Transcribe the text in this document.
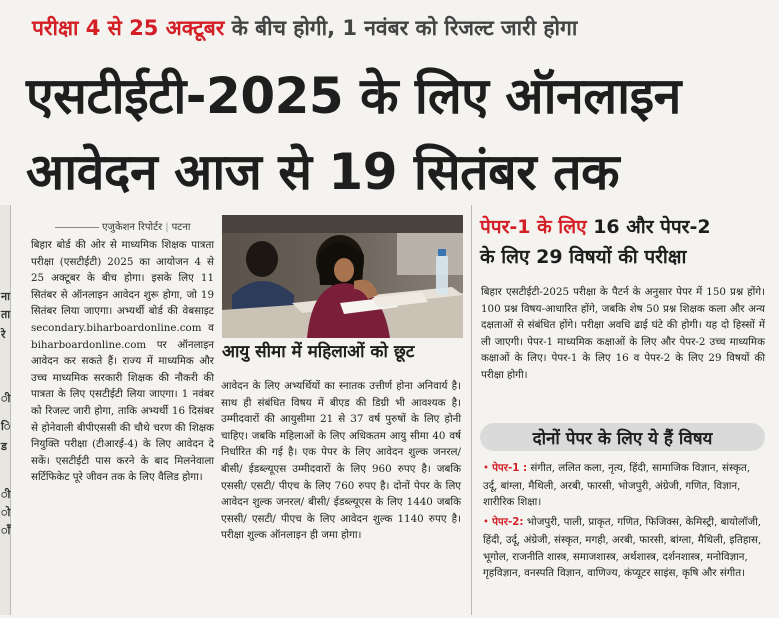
परीक्षा 4 से 25 अक्टूबर के बीच होगी, 1 नवंबर को रिजल्ट जारी होगा
एसटीईटी-2025 के लिए ऑनलाइन
आवेदन आज से 19 सितंबर तक
ना
ता
रे
ी
ि
ड
ी
ो
ाँ
एजुकेशन रिपोर्टर | पटना
बिहार बोर्ड की ओर से माध्यमिक शिक्षक पात्रता परीक्षा (एसटीईटी) 2025 का आयोजन 4 से 25 अक्टूबर के बीच होगा। इसके लिए 11 सितंबर से ऑनलाइन आवेदन शुरू होगा, जो 19 सितंबर लिया जाएगा। अभ्यर्थी बोर्ड की वेबसाइट secondary.biharboardonline.com व biharboardonline.com पर ऑनलाइन आवेदन कर सकते हैं। राज्य में माध्यमिक और उच्च माध्यमिक सरकारी शिक्षक की नौकरी की पात्रता के लिए एसटीईटी लिया जाएगा। 1 नवंबर को रिजल्ट जारी होगा, ताकि अभ्यर्थी 16 दिसंबर से होनेवाली बीपीएससी की चौथे चरण की शिक्षक नियुक्ति परीक्षा (टीआरई-4) के लिए आवेदन दे सकें। एसटीईटी पास करने के बाद मिलनेवाला सर्टिफिकेट पूरे जीवन तक के लिए वैलिड होगा।
आयु सीमा में महिलाओं को छूट
आवेदन के लिए अभ्यर्थियों का स्नातक उत्तीर्ण होना अनिवार्य है। साथ ही संबंधित विषय में बीएड की डिग्री भी आवश्यक है। उम्मीदवारों की आयुसीमा 21 से 37 वर्ष पुरुषों के लिए होनी चाहिए। जबकि महिलाओं के लिए अधिकतम आयु सीमा 40 वर्ष निर्धारित की गई है। एक पेपर के लिए आवेदन शुल्क जनरल/ बीसी/ ईडब्ल्यूएस उम्मीदवारों के लिए 960 रुपए है। जबकि एससी/ एसटी/ पीएच के लिए 760 रुपए है। दोनों पेपर के लिए आवेदन शुल्क जनरल/ बीसी/ ईडब्ल्यूएस के लिए 1440 जबकि एससी/ एसटी/ पीएच के लिए आवेदन शुल्क 1140 रुपए है। परीक्षा शुल्क ऑनलाइन ही जमा होगा।
पेपर-1 के लिए 16 और पेपर-2
के लिए 29 विषयों की परीक्षा
बिहार एसटीईटी-2025 परीक्षा के पैटर्न के अनुसार पेपर में 150 प्रश्न होंगे। 100 प्रश्न विषय-आधारित होंगे, जबकि शेष 50 प्रश्न शिक्षक कला और अन्य दक्षताओं से संबंधित होंगे। परीक्षा अवधि ढाई घंटे की होगी। यह दो हिस्सों में ली जाएगी। पेपर-1 माध्यमिक कक्षाओं के लिए और पेपर-2 उच्च माध्यमिक कक्षाओं के लिए। पेपर-1 के लिए 16 व पेपर-2 के लिए 29 विषयों की परीक्षा होगी।
दोनों पेपर के लिए ये हैं विषय
• पेपर-1 : संगीत, ललित कला, नृत्य, हिंदी, सामाजिक विज्ञान, संस्कृत, उर्दू, बांग्ला, मैथिली, अरबी, फारसी, भोजपुरी, अंग्रेजी, गणित, विज्ञान, शारीरिक शिक्षा।
• पेपर-2: भोजपुरी, पाली, प्राकृत, गणित, फिजिक्स, केमिस्ट्री, बायोलॉजी, हिंदी, उर्दू, अंग्रेजी, संस्कृत, मगही, अरबी, फारसी, बांग्ला, मैथिली, इतिहास, भूगोल, राजनीति शास्त्र, समाजशास्त्र, अर्थशास्त्र, दर्शनशास्त्र, मनोविज्ञान, गृहविज्ञान, वनस्पति विज्ञान, वाणिज्य, कंप्यूटर साइंस, कृषि और संगीत।
